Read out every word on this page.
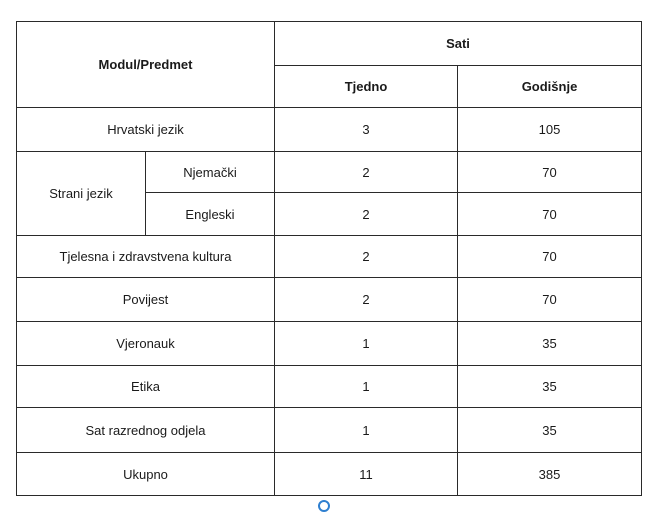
Modul/Predmet		Sati	
		Tjedno	Godišnje
Hrvatski jezik		3	105
Strani jezik	Njemački	2	70
	Engleski	2	70
Tjelesna i zdravstvena kultura		2	70
Povijest		2	70
Vjeronauk		1	35
Etika		1	35
Sat razrednog odjela		1	35
Ukupno		11	385
